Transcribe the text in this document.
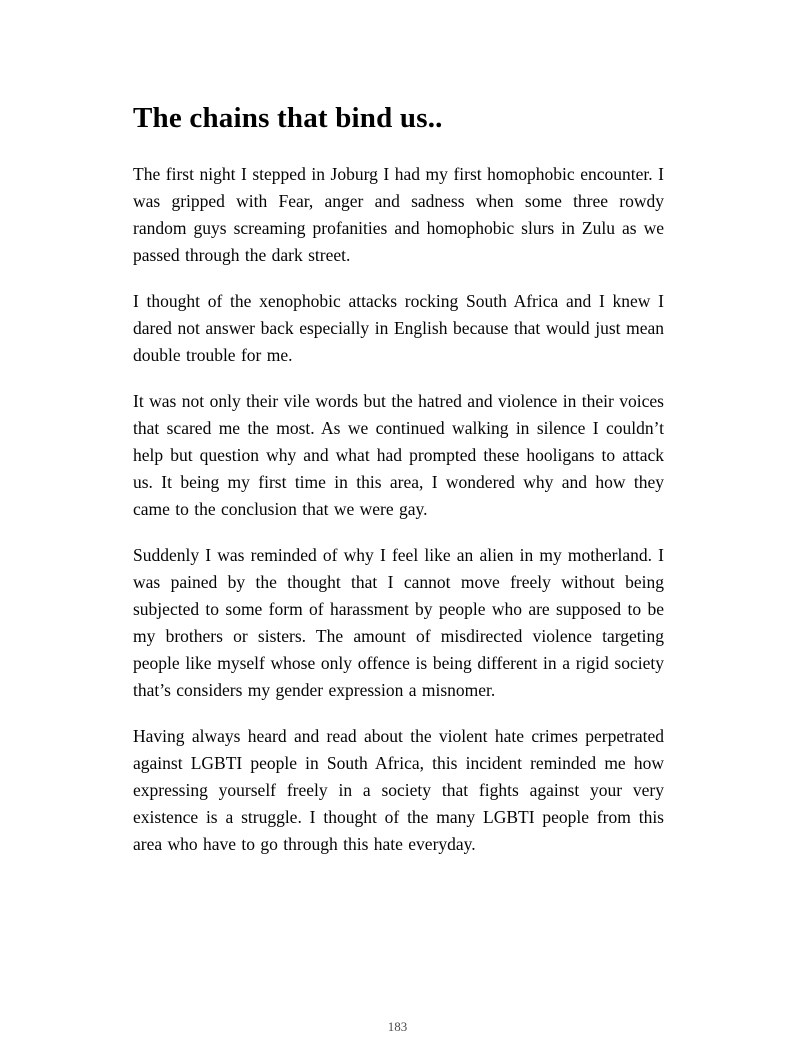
The chains that bind us..

The first night I stepped in Joburg I had my first homophobic encounter. I was gripped with Fear, anger and sadness when some three rowdy random guys screaming profanities and homophobic slurs in Zulu as we passed through the dark street.

I thought of the xenophobic attacks rocking South Africa and I knew I dared not answer back especially in English because that would just mean double trouble for me.

It was not only their vile words but the hatred and violence in their voices that scared me the most. As we continued walking in silence I couldn’t help but question why and what had prompted these hooligans to attack us. It being my first time in this area, I wondered why and how they came to the conclusion that we were gay.

Suddenly I was reminded of why I feel like an alien in my motherland. I was pained by the thought that I cannot move freely without being subjected to some form of harassment by people who are supposed to be my brothers or sisters. The amount of misdirected violence targeting people like myself whose only offence is being different in a rigid society that’s considers my gender expression a misnomer.

Having always heard and read about the violent hate crimes perpetrated against LGBTI people in South Africa, this incident reminded me how expressing yourself freely in a society that fights against your very existence is a struggle. I thought of the many LGBTI people from this area who have to go through this hate everyday.

183
